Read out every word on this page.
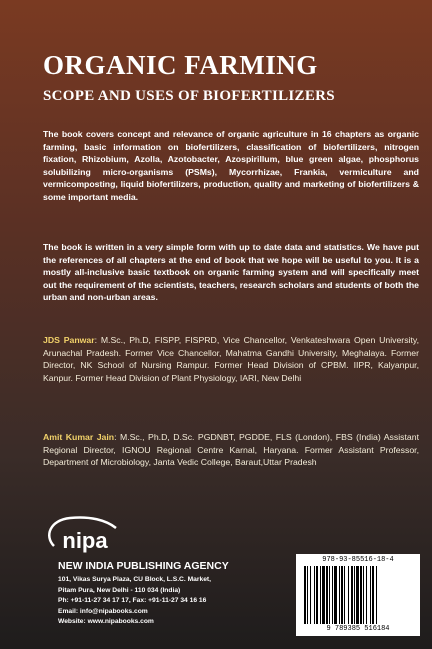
ORGANIC FARMING
SCOPE AND USES OF BIOFERTILIZERS

The book covers concept and relevance of organic agriculture in 16 chapters as organic farming, basic information on biofertilizers, classification of biofertilizers, nitrogen fixation, Rhizobium, Azolla, Azotobacter, Azospirillum, blue green algae, phosphorus solubilizing micro-organisms (PSMs), Mycorrhizae, Frankia, vermiculture and vermicomposting, liquid biofertilizers, production, quality and marketing of biofertilizers & some important media.

The book is written in a very simple form with up to date data and statistics. We have put the references of all chapters at the end of book that we hope will be useful to you. It is a mostly all-inclusive basic textbook on organic farming system and will specifically meet out the requirement of the scientists, teachers, research scholars and students of both the urban and non-urban areas.

JDS Panwar: M.Sc., Ph.D, FISPP, FISPRD, Vice Chancellor, Venkateshwara Open University, Arunachal Pradesh. Former Vice Chancellor, Mahatma Gandhi University, Meghalaya. Former Director, NK School of Nursing Rampur. Former Head Division of CPBM. IIPR, Kalyanpur, Kanpur. Former Head Division of Plant Physiology, IARI, New Delhi

Amit Kumar Jain: M.Sc., Ph.D, D.Sc. PGDNBT, PGDDE, FLS (London), FBS (India) Assistant Regional Director, IGNOU Regional Centre Karnal, Haryana. Former Assistant Professor, Department of Microbiology, Janta Vedic College, Baraut,Uttar Pradesh

nipa

NEW INDIA PUBLISHING AGENCY

101, Vikas Surya Plaza, CU Block, L.S.C. Market,
Pitam Pura, New Delhi - 110 034 (India)
Ph: +91-11-27 34 17 17, Fax: +91-11-27 34 16 16
Email: info@nipabooks.com
Website: www.nipabooks.com
978-93-85516-18-4
9 789385 516184
